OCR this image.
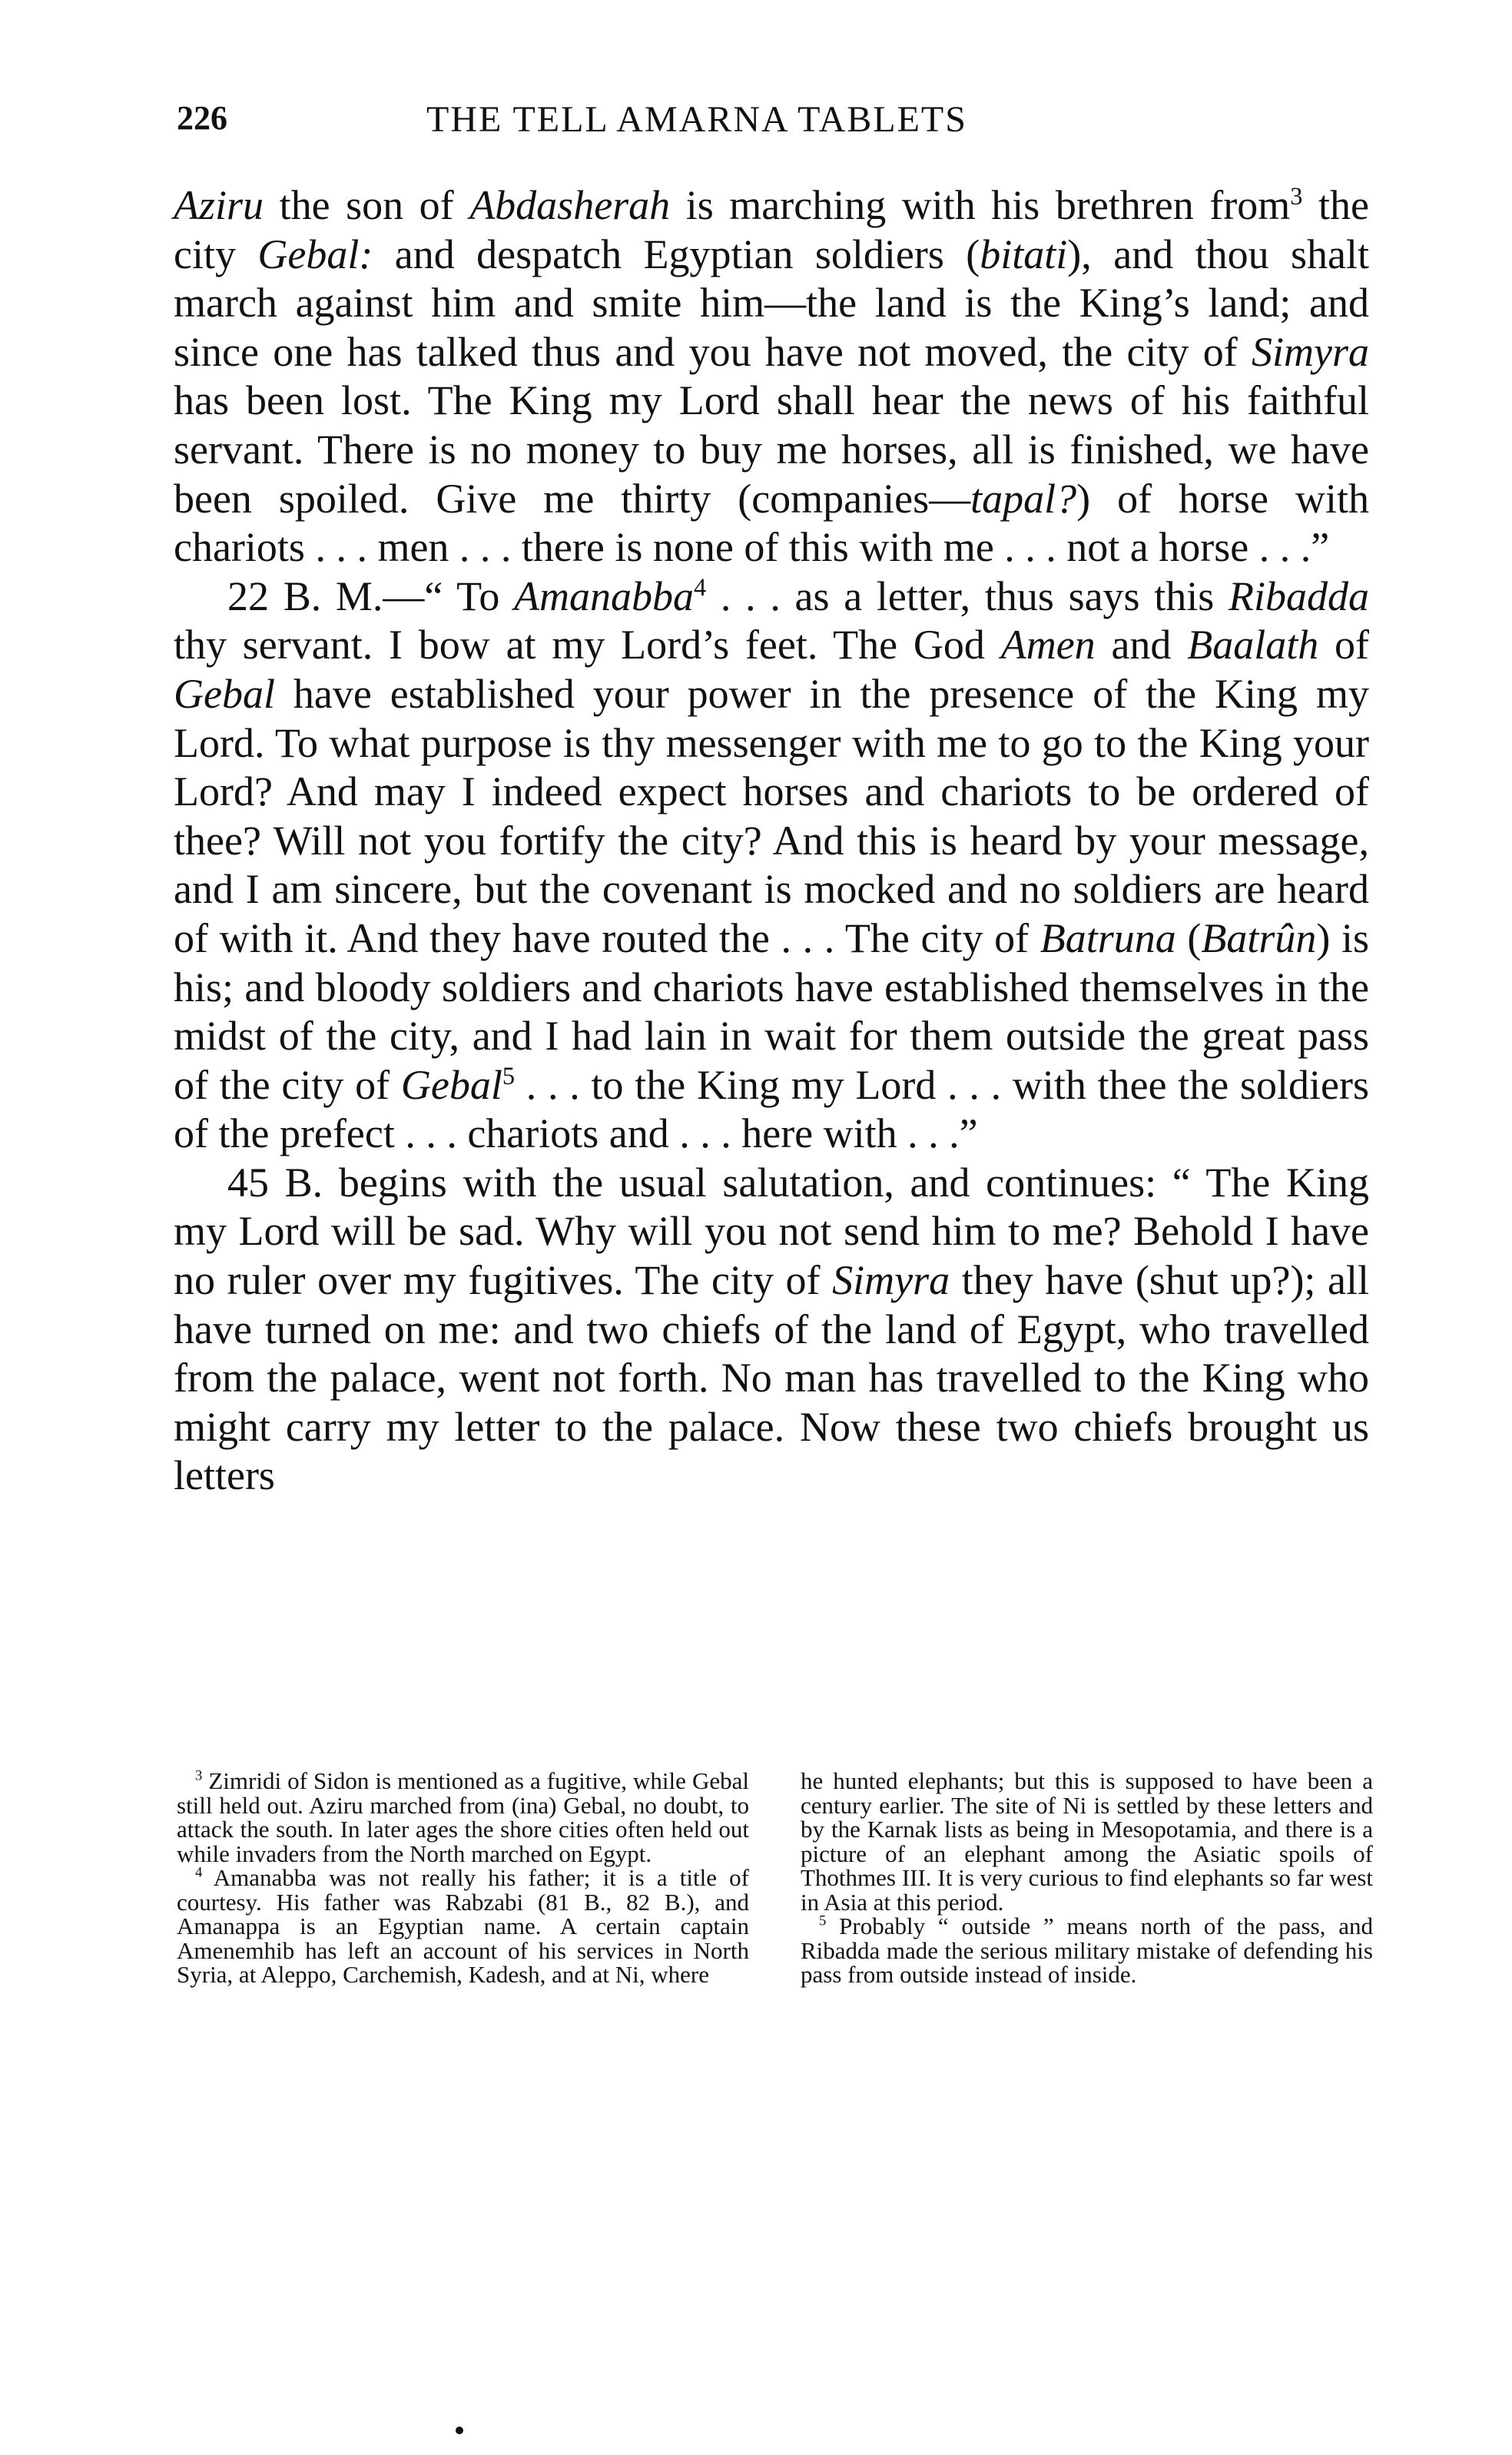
226	THE TELL AMARNA TABLETS

Aziru the son of Abdasherah is marching with his brethren from$^3$ the city Gebal: and despatch Egyptian soldiers (bitati), and thou shalt march against him and smite him—the land is the King’s land; and since one has talked thus and you have not moved, the city of Simyra has been lost. The King my Lord shall hear the news of his faithful servant. There is no money to buy me horses, all is finished, we have been spoiled. Give me thirty (companies—tapal?) of horse with chariots . . . men . . . there is none of this with me . . . not a horse . . .”

22 B. M.—“ To Amanabba$^4$ . . . as a letter, thus says this Ribadda thy servant. I bow at my Lord’s feet. The God Amen and Baalath of Gebal have established your power in the presence of the King my Lord. To what purpose is thy messenger with me to go to the King your Lord? And may I indeed expect horses and chariots to be ordered of thee? Will not you fortify the city? And this is heard by your message, and I am sincere, but the covenant is mocked and no soldiers are heard of with it. And they have routed the . . . The city of Batruna (Batrûn) is his; and bloody soldiers and chariots have established themselves in the midst of the city, and I had lain in wait for them outside the great pass of the city of Gebal$^5$ . . . to the King my Lord . . . with thee the soldiers of the prefect . . . chariots and . . . here with . . .”

45 B. begins with the usual salutation, and continues: “ The King my Lord will be sad. Why will you not send him to me? Behold I have no ruler over my fugitives. The city of Simyra they have (shut up?); all have turned on me: and two chiefs of the land of Egypt, who travelled from the palace, went not forth. No man has travelled to the King who might carry my letter to the palace. Now these two chiefs brought us letters

$^3$ Zimridi of Sidon is mentioned as a fugitive, while Gebal still held out. Aziru marched from (ina) Gebal, no doubt, to attack the south. In later ages the shore cities often held out while invaders from the North marched on Egypt.

$^4$ Amanabba was not really his father; it is a title of courtesy. His father was Rabzabi (81 B., 82 B.), and Amanappa is an Egyptian name. A certain captain Amenemhib has left an account of his services in North Syria, at Aleppo, Carchemish, Kadesh, and at Ni, where

he hunted elephants; but this is supposed to have been a century earlier. The site of Ni is settled by these letters and by the Karnak lists as being in Mesopotamia, and there is a picture of an elephant among the Asiatic spoils of Thothmes III. It is very curious to find elephants so far west in Asia at this period.

$^5$ Probably “ outside ” means north of the pass, and Ribadda made the serious military mistake of defending his pass from outside instead of inside.
